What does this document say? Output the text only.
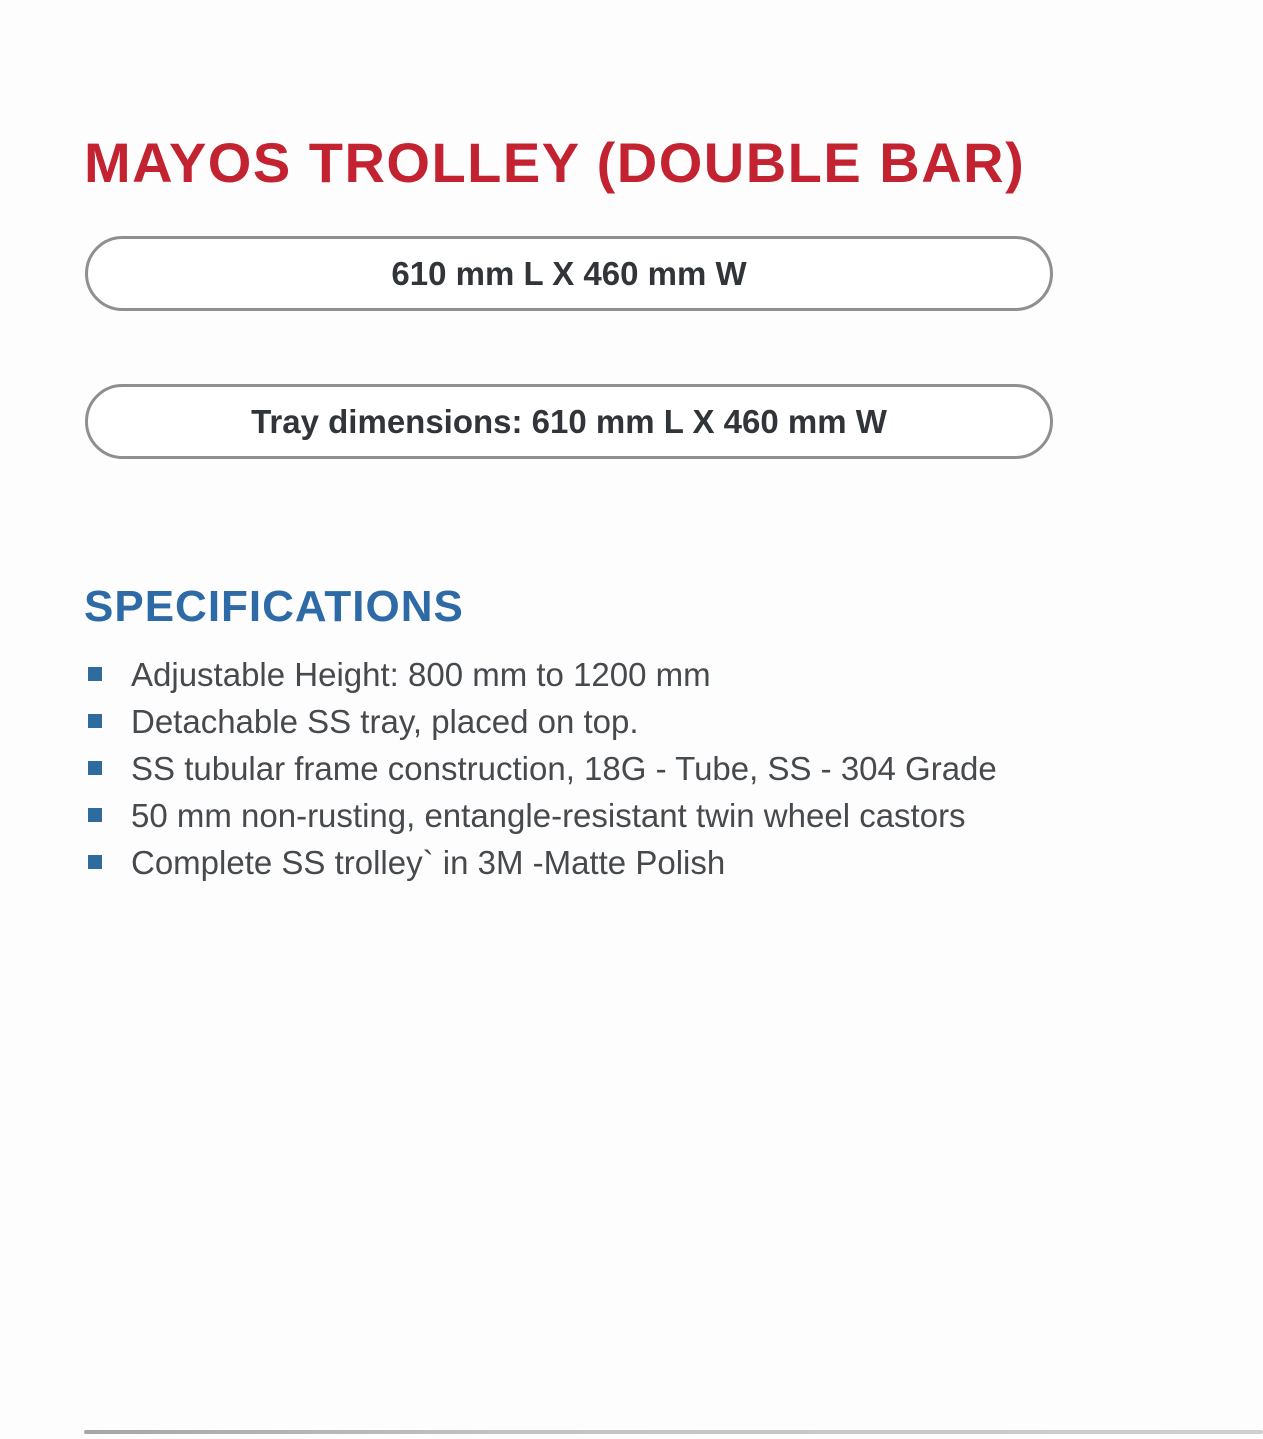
MAYOS TROLLEY (DOUBLE BAR)
610 mm L X 460 mm W
Tray dimensions: 610 mm L X 460 mm W
SPECIFICATIONS
Adjustable Height: 800 mm to 1200 mm
Detachable SS tray, placed on top.
SS tubular frame construction, 18G - Tube, SS - 304 Grade
50 mm non-rusting, entangle-resistant twin wheel castors
Complete SS trolley` in 3M -Matte Polish
